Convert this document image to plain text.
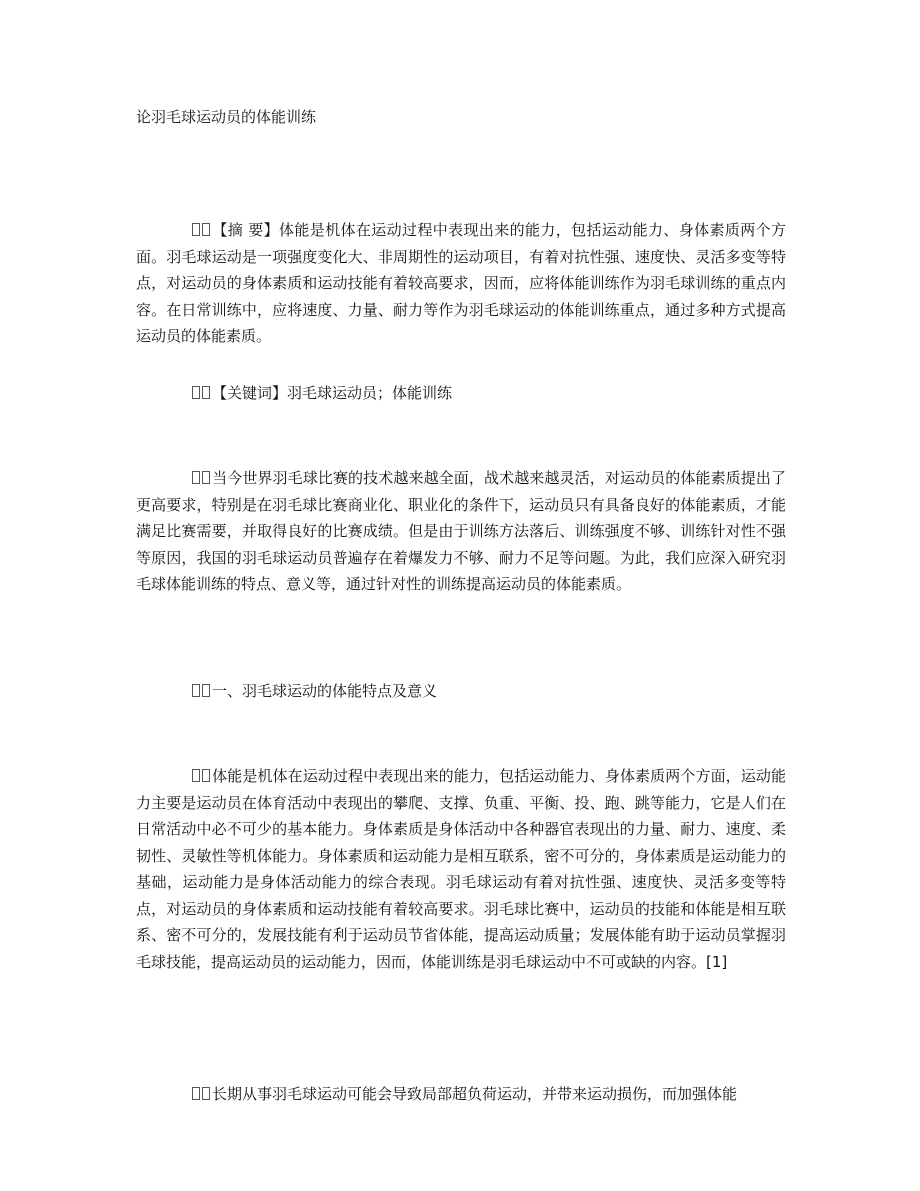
论羽毛球运动员的体能训练

【摘 要】体能是机体在运动过程中表现出来的能力，包括运动能力、身体素质两个方面。羽毛球运动是一项强度变化大、非周期性的运动项目，有着对抗性强、速度快、灵活多变等特点，对运动员的身体素质和运动技能有着较高要求，因而，应将体能训练作为羽毛球训练的重点内容。在日常训练中，应将速度、力量、耐力等作为羽毛球运动的体能训练重点，通过多种方式提高运动员的体能素质。

【关键词】羽毛球运动员；体能训练

当今世界羽毛球比赛的技术越来越全面，战术越来越灵活，对运动员的体能素质提出了更高要求，特别是在羽毛球比赛商业化、职业化的条件下，运动员只有具备良好的体能素质，才能满足比赛需要，并取得良好的比赛成绩。但是由于训练方法落后、训练强度不够、训练针对性不强等原因，我国的羽毛球运动员普遍存在着爆发力不够、耐力不足等问题。为此，我们应深入研究羽毛球体能训练的特点、意义等，通过针对性的训练提高运动员的体能素质。

一、羽毛球运动的体能特点及意义

体能是机体在运动过程中表现出来的能力，包括运动能力、身体素质两个方面，运动能力主要是运动员在体育活动中表现出的攀爬、支撑、负重、平衡、投、跑、跳等能力，它是人们在日常活动中必不可少的基本能力。身体素质是身体活动中各种器官表现出的力量、耐力、速度、柔韧性、灵敏性等机体能力。身体素质和运动能力是相互联系，密不可分的，身体素质是运动能力的基础，运动能力是身体活动能力的综合表现。羽毛球运动有着对抗性强、速度快、灵活多变等特点，对运动员的身体素质和运动技能有着较高要求。羽毛球比赛中，运动员的技能和体能是相互联系、密不可分的，发展技能有利于运动员节省体能，提高运动质量；发展体能有助于运动员掌握羽毛球技能，提高运动员的运动能力，因而，体能训练是羽毛球运动中不可或缺的内容。[1]

长期从事羽毛球运动可能会导致局部超负荷运动，并带来运动损伤，而加强体能
